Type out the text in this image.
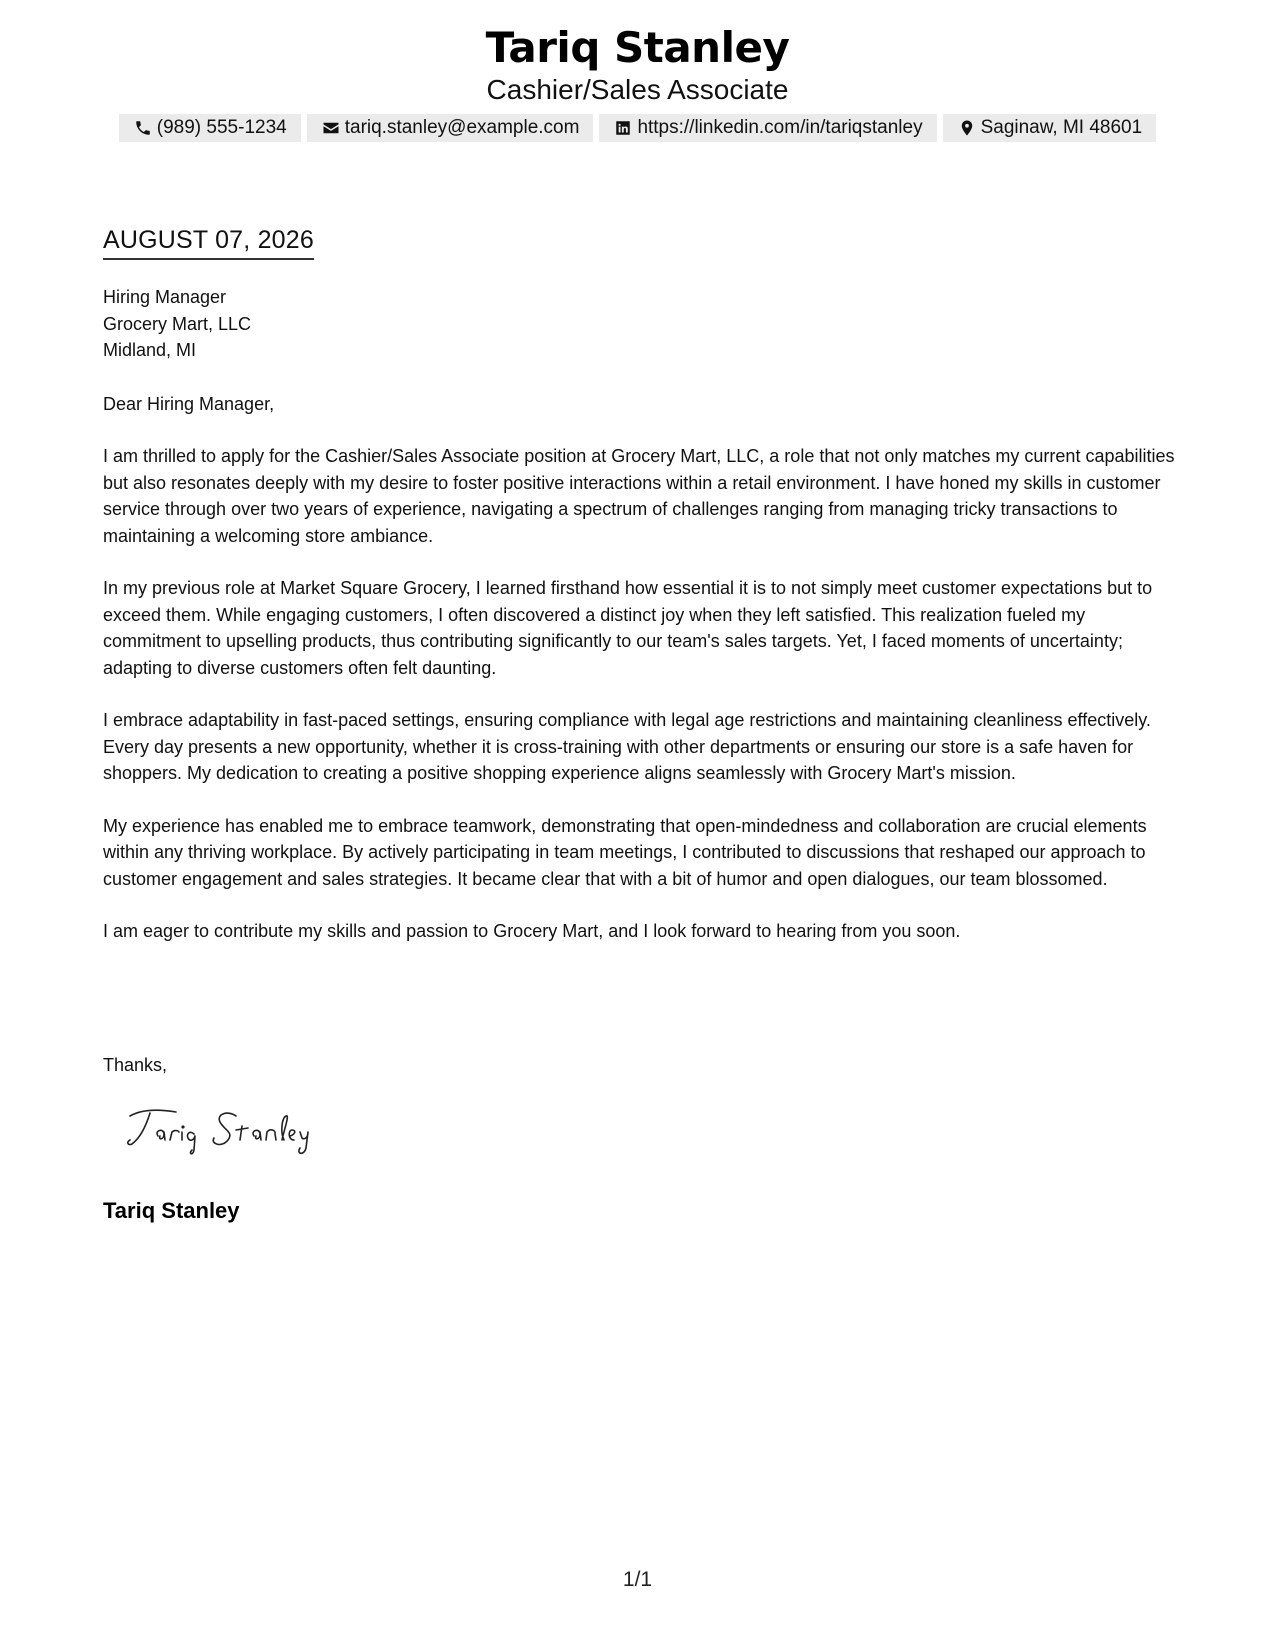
Tariq Stanley
Cashier/Sales Associate
(989) 555-1234	tariq.stanley@example.com	https://linkedin.com/in/tariqstanley	Saginaw, MI 48601
AUGUST 07, 2026
Hiring Manager
Grocery Mart, LLC
Midland, MI
Dear Hiring Manager,

I am thrilled to apply for the Cashier/Sales Associate position at Grocery Mart, LLC, a role that not only matches my current capabilities but also resonates deeply with my desire to foster positive interactions within a retail environment. I have honed my skills in customer service through over two years of experience, navigating a spectrum of challenges ranging from managing tricky transactions to maintaining a welcoming store ambiance.

In my previous role at Market Square Grocery, I learned firsthand how essential it is to not simply meet customer expectations but to exceed them. While engaging customers, I often discovered a distinct joy when they left satisfied. This realization fueled my commitment to upselling products, thus contributing significantly to our team's sales targets. Yet, I faced moments of uncertainty; adapting to diverse customers often felt daunting.

I embrace adaptability in fast-paced settings, ensuring compliance with legal age restrictions and maintaining cleanliness effectively. Every day presents a new opportunity, whether it is cross-training with other departments or ensuring our store is a safe haven for shoppers. My dedication to creating a positive shopping experience aligns seamlessly with Grocery Mart's mission.

My experience has enabled me to embrace teamwork, demonstrating that open-mindedness and collaboration are crucial elements within any thriving workplace. By actively participating in team meetings, I contributed to discussions that reshaped our approach to customer engagement and sales strategies. It became clear that with a bit of humor and open dialogues, our team blossomed.

I am eager to contribute my skills and passion to Grocery Mart, and I look forward to hearing from you soon.

Thanks,
Tariq Stanley
1/1
